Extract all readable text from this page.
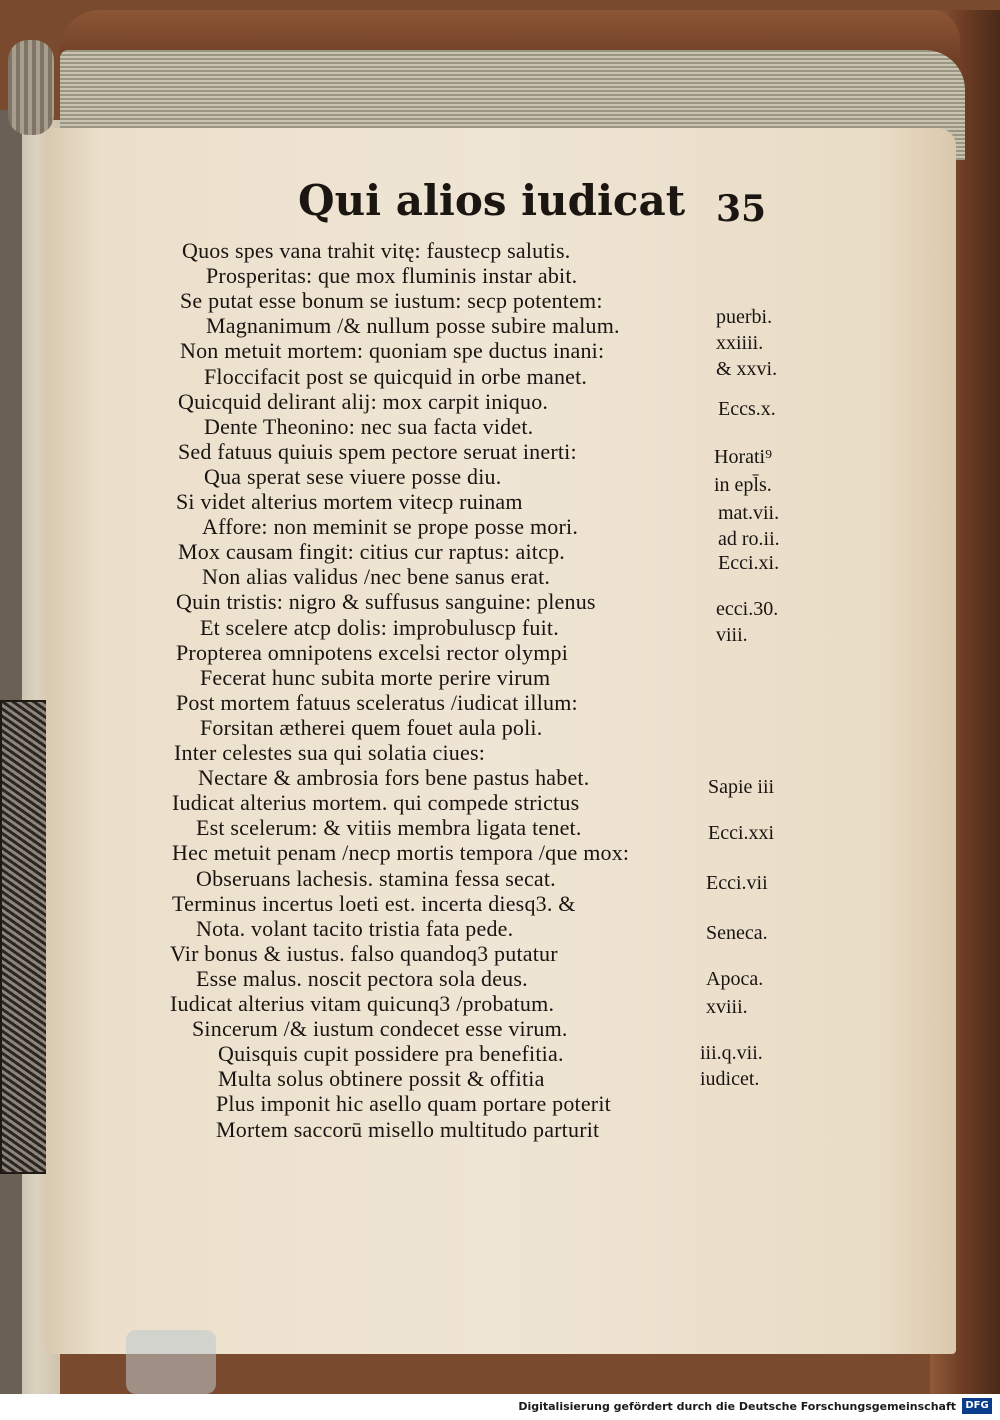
Qui alios iudicat 35
Quos spes vana trahit vitę: faustecp salutis.
Prosperitas: que mox fluminis instar abit.
Se putat esse bonum se iustum: secp potentem:
Magnanimum /& nullum posse subire malum.
Non metuit mortem: quoniam spe ductus inani:
Floccifacit post se quicquid in orbe manet.
Quicquid delirant alij: mox carpit iniquo.
Dente Theonino: nec sua facta videt.
Sed fatuus quiuis spem pectore seruat inerti:
Qua sperat sese viuere posse diu.
Si videt alterius mortem vitecp ruinam
Affore: non meminit se prope posse mori.
Mox causam fingit: citius cur raptus: aitcp.
Non alias validus /nec bene sanus erat.
Quin tristis: nigro & suffusus sanguine: plenus
Et scelere atcp dolis: improbuluscp fuit.
Propterea omnipotens excelsi rector olympi
Fecerat hunc subita morte perire virum
Post mortem fatuus sceleratus /iudicat illum:
Forsitan ætherei quem fouet aula poli.
Inter celestes sua qui solatia ciues:
Nectare & ambrosia fors bene pastus habet.
Iudicat alterius mortem. qui compede strictus
Est scelerum: & vitiis membra ligata tenet.
Hec metuit penam /necp mortis tempora /que mox:
Obseruans lachesis. stamina fessa secat.
Terminus incertus loeti est. incerta diesq3. &
Nota. volant tacito tristia fata pede.
Vir bonus & iustus. falso quandoq3 putatur
Esse malus. noscit pectora sola deus.
Iudicat alterius vitam quicunq3 /probatum.
Sincerum /& iustum condecet esse virum.
Quisquis cupit possidere pra benefitia.
Multa solus obtinere possit & offitia
Plus imponit hic asello quam portare poterit
Mortem saccorū misello multitudo parturit
puerbi.
xxiiii.
& xxvi.
Eccs.x.
Horati⁹
in epl̄s.
mat.vii.
ad ro.ii.
Ecci.xi.
ecci.30.
viii.
Sapie iii
Ecci.xxi
Ecci.vii
Seneca.
Apoca.
xviii.
iii.q.vii.
iudicet.
Digitalisierung gefördert durch die Deutsche Forschungsgemeinschaft DFG
